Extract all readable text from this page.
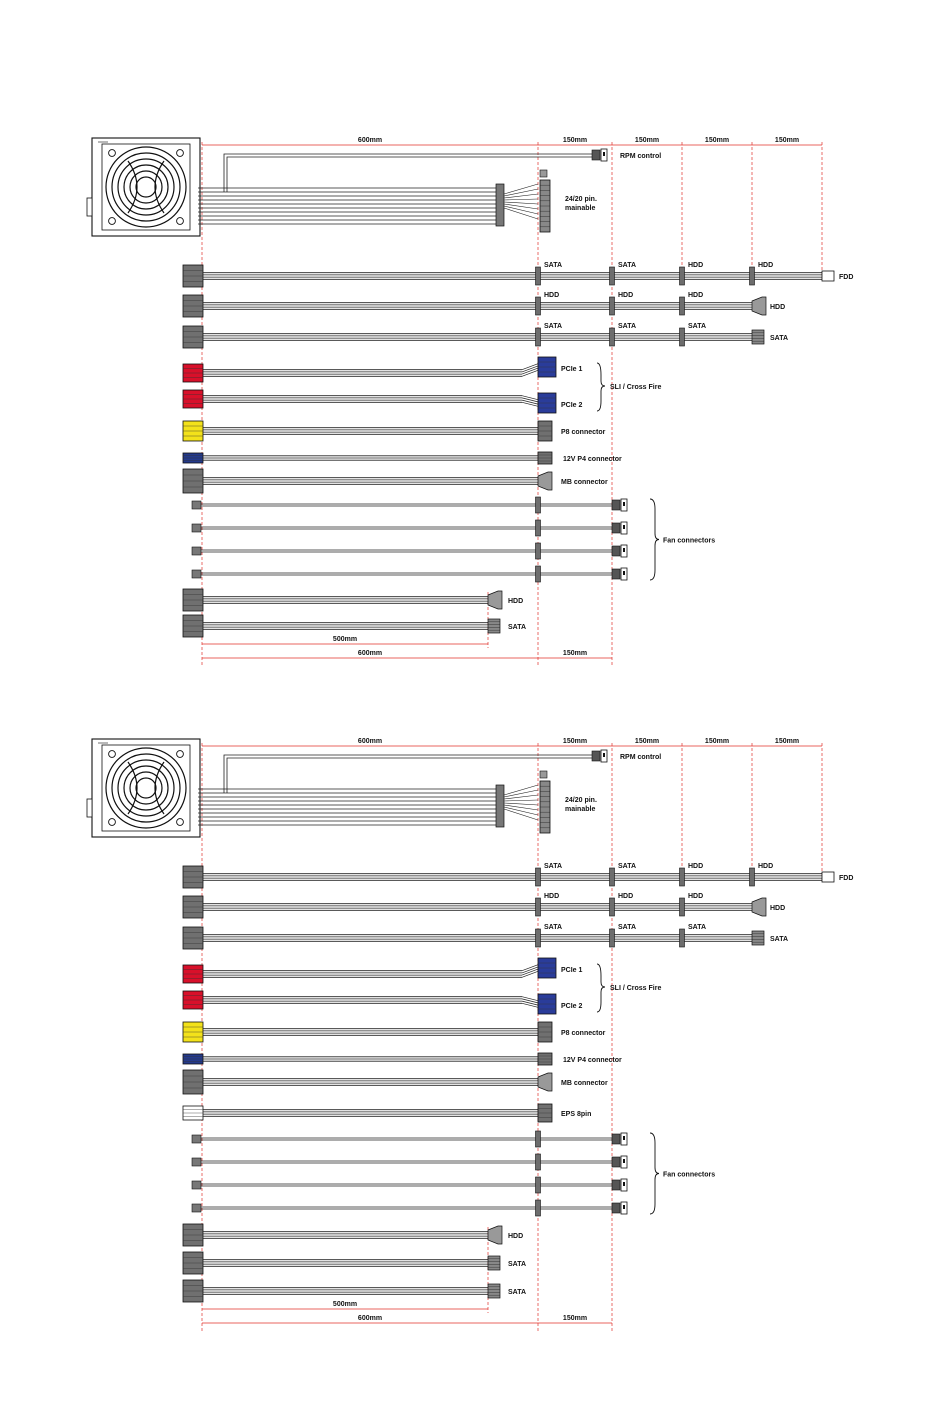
600mm	150mm	150mm	150mm	150mm
500mm
600mm	150mm
RPM control
24/20 pin.
mainable
SATA	SATA	HDD	HDD
FDD
HDD	HDD	HDD
HDD
SATA	SATA	SATA
SATA
PCIe 1
PCIe 2
SLI / Cross Fire
P8 connector
12V P4 connector
MB connector
Fan connectors
HDD
SATA
600mm	150mm	150mm	150mm	150mm
500mm
600mm	150mm
RPM control
24/20 pin.
mainable
SATA	SATA	HDD	HDD
FDD
HDD	HDD	HDD
HDD
SATA	SATA	SATA
SATA
PCIe 1
PCIe 2
SLI / Cross Fire
P8 connector
12V P4 connector
MB connector
EPS 8pin
Fan connectors
HDD
SATA
SATA
